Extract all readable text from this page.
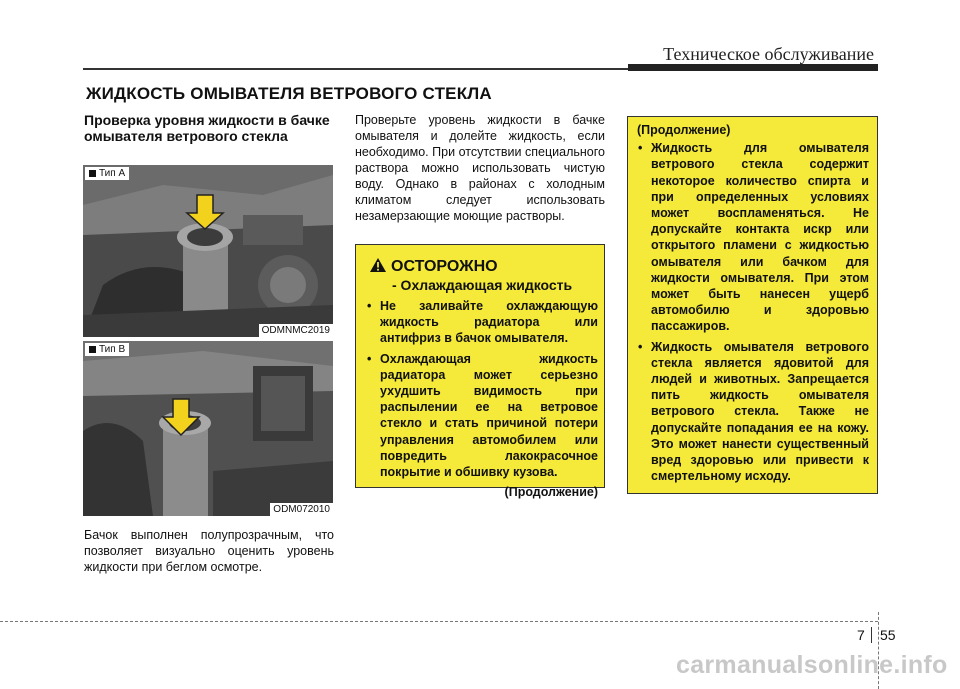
Техническое обслуживание
ЖИДКОСТЬ ОМЫВАТЕЛЯ ВЕТРОВОГО СТЕКЛА
Проверка уровня жидкости в бачке омывателя ветрового стекла
Тип А
ODMNMC2019
Тип B
ODM072010
Бачок выполнен полупрозрачным, что позволяет визуально оценить уровень жидкости при беглом осмотре.
Проверьте уровень жидкости в бачке омывателя и долейте жидкость, если необходимо. При отсутствии специального раствора можно использовать чистую воду. Однако в районах с холодным климатом следует использовать незамерзающие моющие растворы.
ОСТОРОЖНО
- Охлаждающая жидкость
• Не заливайте охлаждающую жидкость радиатора или антифриз в бачок омывателя.
• Охлаждающая жидкость радиатора может серьезно ухудшить видимость при распылении ее на ветровое стекло и стать причиной потери управления автомобилем или повредить лакокрасочное покрытие и обшивку кузова.
(Продолжение)
(Продолжение)
• Жидкость для омывателя ветрового стекла содержит некоторое количество спирта и при определенных условиях может воспламеняться. Не допускайте контакта искр или открытого пламени с жидкостью омывателя или бачком для жидкости омывателя. При этом может быть нанесен ущерб автомобилю и здоровью пассажиров.
• Жидкость омывателя ветрового стекла является ядовитой для людей и животных. Запрещается пить жидкость омывателя ветрового стекла. Также не допускайте попадания ее на кожу. Это может нанести существенный вред здоровью или привести к смертельному исходу.
7 55
carmanualsonline.info
